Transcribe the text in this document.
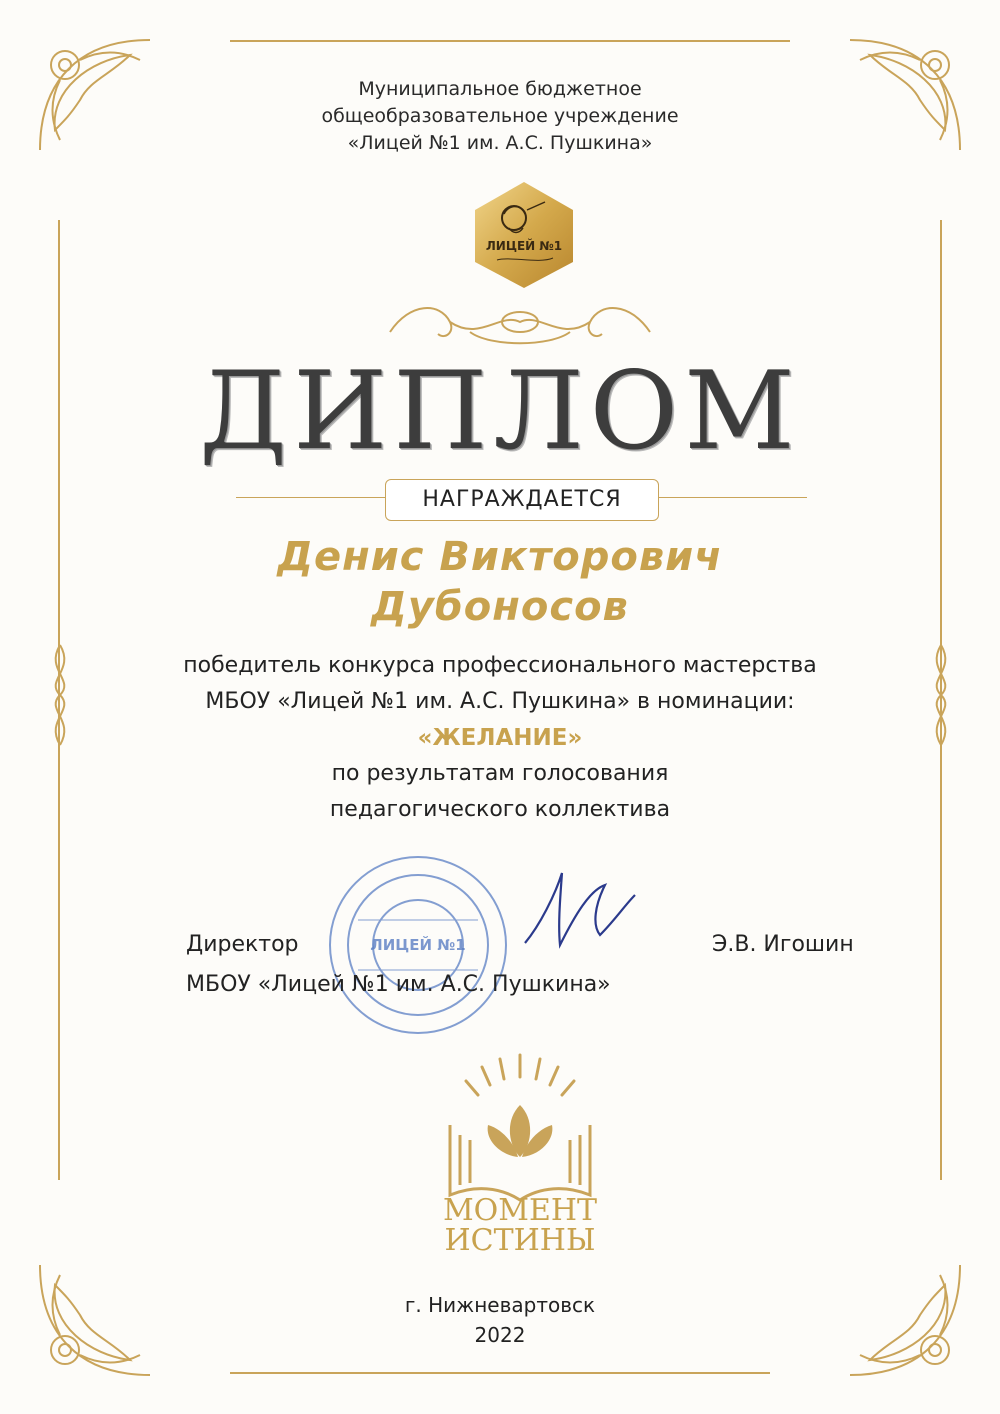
Муниципальное бюджетное
общеобразовательное учреждение
«Лицей №1 им. А.С. Пушкина»
ЛИЦЕЙ №1
ДИПЛОМ
НАГРАЖДАЕТСЯ
Денис Викторович
Дубоносов
победитель конкурса профессионального мастерства
МБОУ «Лицей №1 им. А.С. Пушкина» в номинации:
«ЖЕЛАНИЕ»
по результатам голосования
педагогического коллектива
ЛИЦЕЙ №1
Директор
МБОУ «Лицей №1 им. А.С. Пушкина»
Э.В. Игошин
МОМЕНТ
ИСТИНЫ
г. Нижневартовск
2022
